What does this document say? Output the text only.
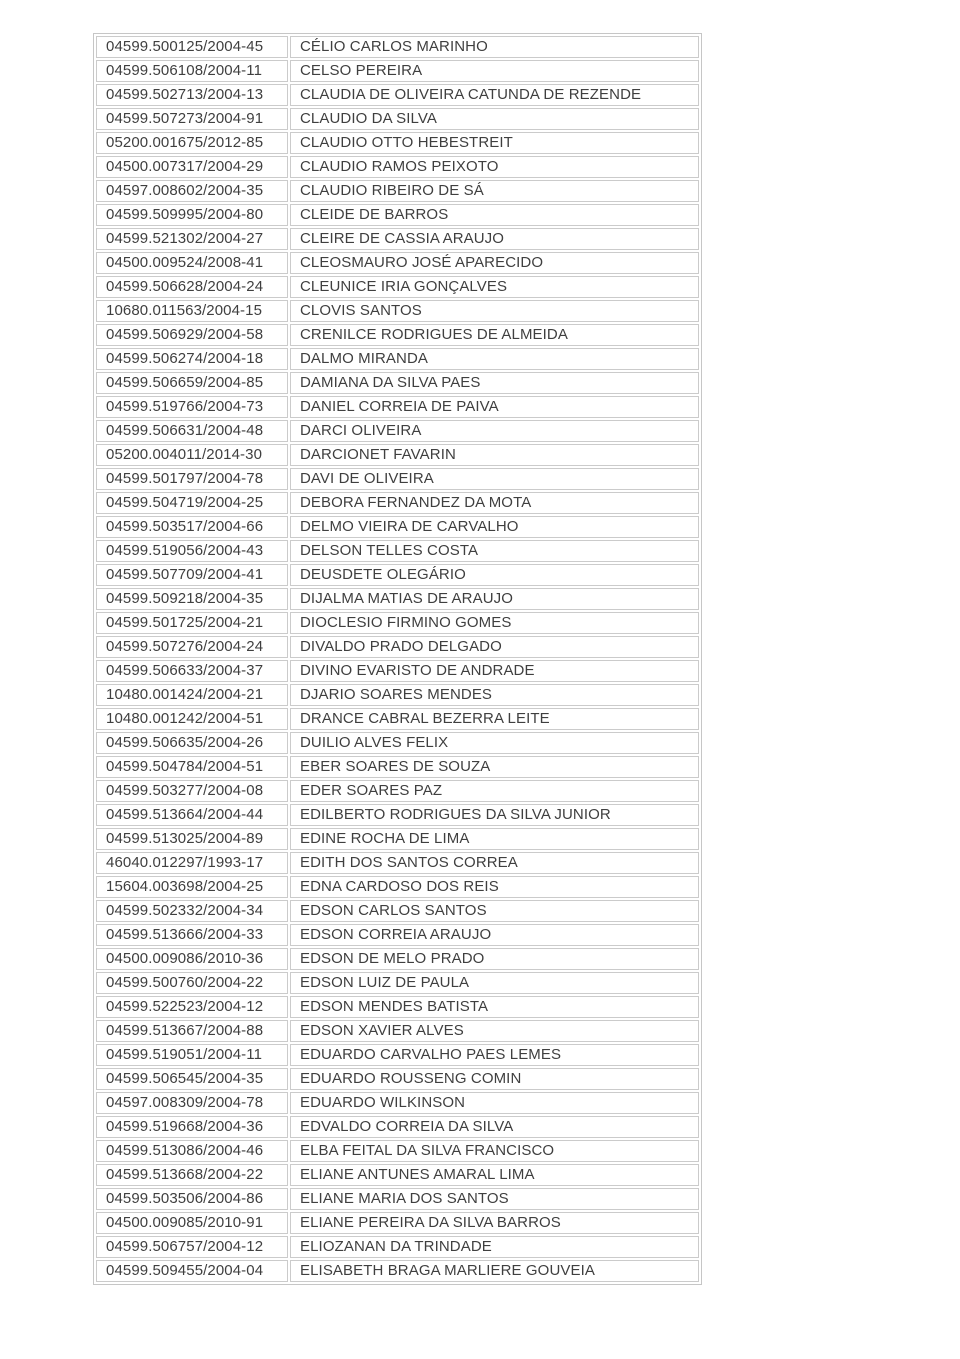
04599.500125/2004-45	CÉLIO CARLOS MARINHO
04599.506108/2004-11	CELSO PEREIRA
04599.502713/2004-13	CLAUDIA DE OLIVEIRA CATUNDA DE REZENDE
04599.507273/2004-91	CLAUDIO DA SILVA
05200.001675/2012-85	CLAUDIO OTTO HEBESTREIT
04500.007317/2004-29	CLAUDIO RAMOS PEIXOTO
04597.008602/2004-35	CLAUDIO RIBEIRO DE SÁ
04599.509995/2004-80	CLEIDE DE BARROS
04599.521302/2004-27	CLEIRE DE CASSIA ARAUJO
04500.009524/2008-41	CLEOSMAURO JOSÉ APARECIDO
04599.506628/2004-24	CLEUNICE IRIA GONÇALVES
10680.011563/2004-15	CLOVIS SANTOS
04599.506929/2004-58	CRENILCE RODRIGUES DE ALMEIDA
04599.506274/2004-18	DALMO MIRANDA
04599.506659/2004-85	DAMIANA DA SILVA PAES
04599.519766/2004-73	DANIEL CORREIA DE PAIVA
04599.506631/2004-48	DARCI OLIVEIRA
05200.004011/2014-30	DARCIONET FAVARIN
04599.501797/2004-78	DAVI DE OLIVEIRA
04599.504719/2004-25	DEBORA FERNANDEZ DA MOTA
04599.503517/2004-66	DELMO VIEIRA DE CARVALHO
04599.519056/2004-43	DELSON TELLES COSTA
04599.507709/2004-41	DEUSDETE OLEGÁRIO
04599.509218/2004-35	DIJALMA MATIAS DE ARAUJO
04599.501725/2004-21	DIOCLESIO FIRMINO GOMES
04599.507276/2004-24	DIVALDO PRADO DELGADO
04599.506633/2004-37	DIVINO EVARISTO DE ANDRADE
10480.001424/2004-21	DJARIO SOARES MENDES
10480.001242/2004-51	DRANCE CABRAL BEZERRA LEITE
04599.506635/2004-26	DUILIO ALVES FELIX
04599.504784/2004-51	EBER SOARES DE SOUZA
04599.503277/2004-08	EDER SOARES PAZ
04599.513664/2004-44	EDILBERTO RODRIGUES DA SILVA JUNIOR
04599.513025/2004-89	EDINE ROCHA DE LIMA
46040.012297/1993-17	EDITH DOS SANTOS CORREA
15604.003698/2004-25	EDNA CARDOSO DOS REIS
04599.502332/2004-34	EDSON CARLOS SANTOS
04599.513666/2004-33	EDSON CORREIA ARAUJO
04500.009086/2010-36	EDSON DE MELO PRADO
04599.500760/2004-22	EDSON LUIZ DE PAULA
04599.522523/2004-12	EDSON MENDES BATISTA
04599.513667/2004-88	EDSON XAVIER ALVES
04599.519051/2004-11	EDUARDO CARVALHO PAES LEMES
04599.506545/2004-35	EDUARDO ROUSSENG COMIN
04597.008309/2004-78	EDUARDO WILKINSON
04599.519668/2004-36	EDVALDO CORREIA DA SILVA
04599.513086/2004-46	ELBA FEITAL DA SILVA FRANCISCO
04599.513668/2004-22	ELIANE ANTUNES AMARAL LIMA
04599.503506/2004-86	ELIANE MARIA DOS SANTOS
04500.009085/2010-91	ELIANE PEREIRA DA SILVA BARROS
04599.506757/2004-12	ELIOZANAN DA TRINDADE
04599.509455/2004-04	ELISABETH BRAGA MARLIERE GOUVEIA
